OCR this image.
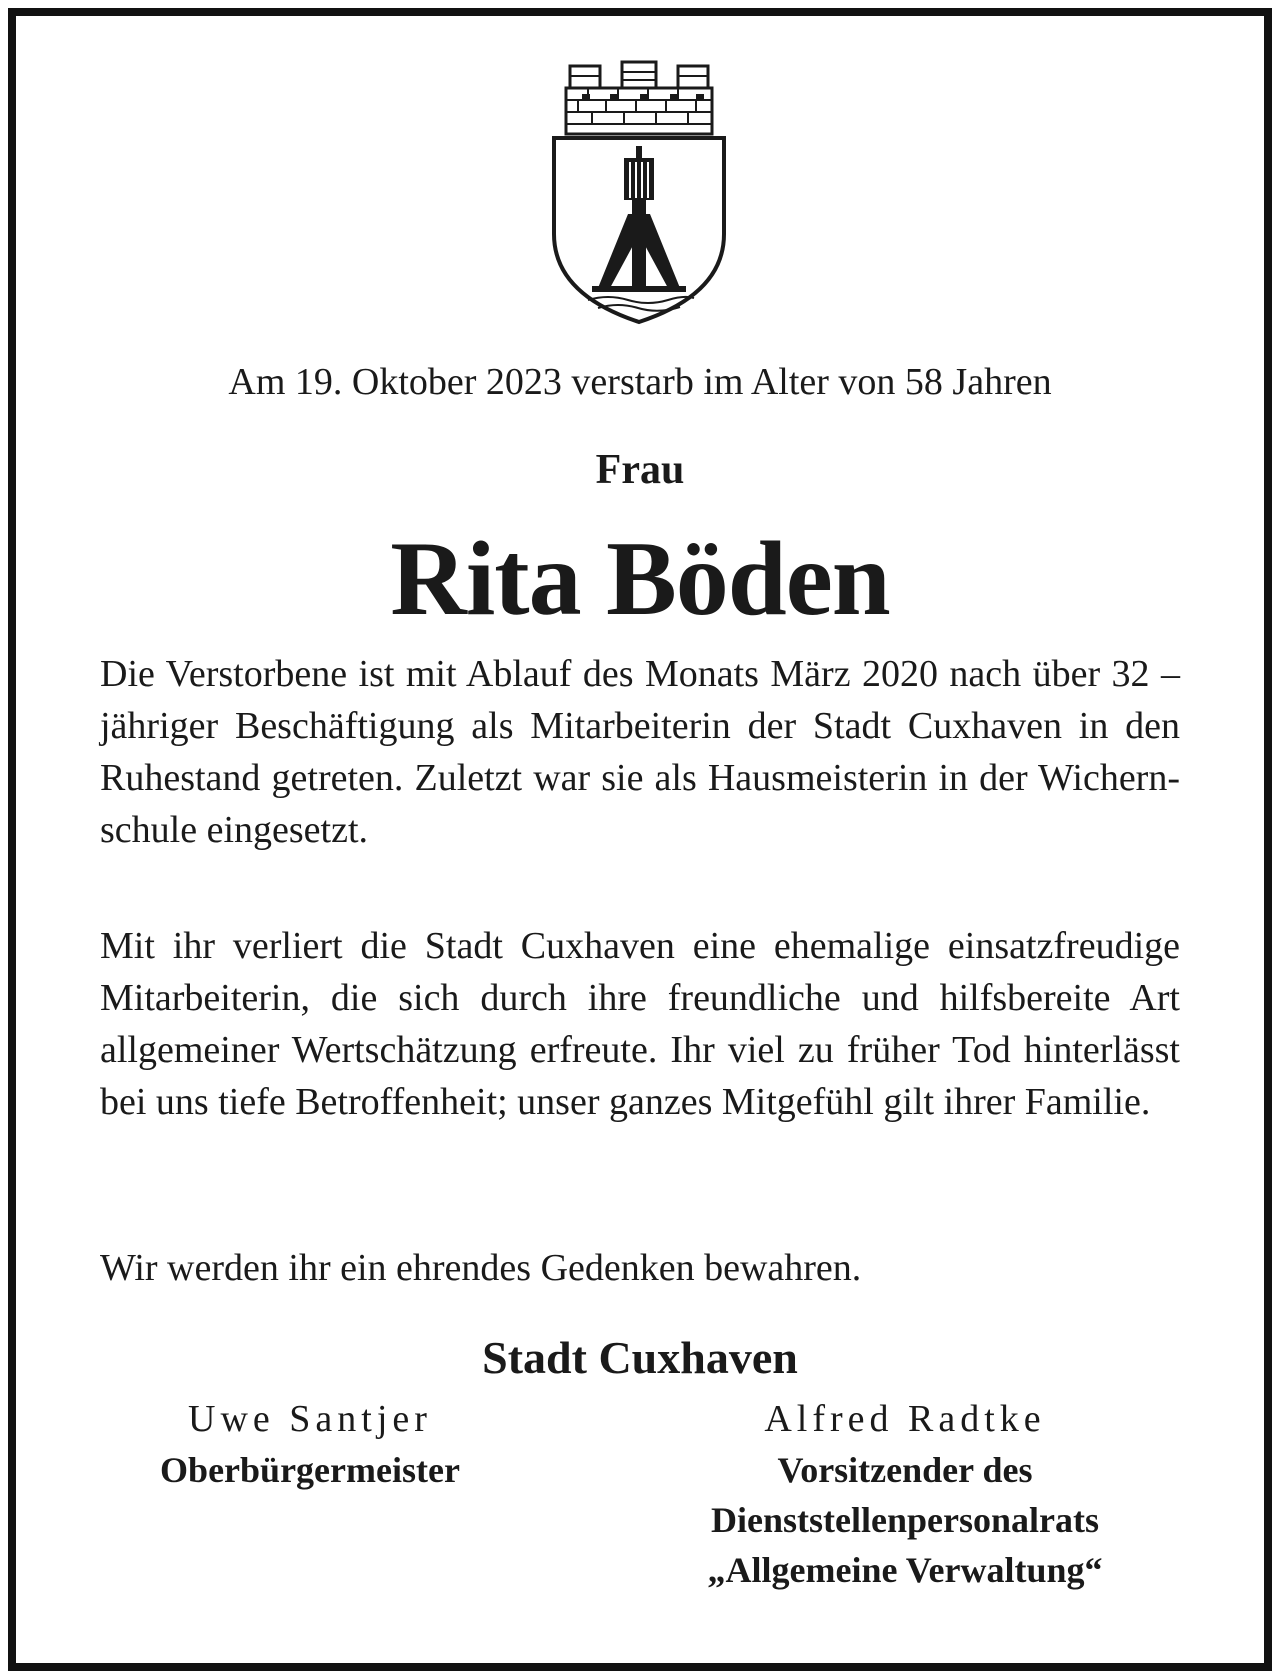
Am 19. Oktober 2023 verstarb im Alter von 58 Jahren

Frau

Rita Böden

Die Verstorbene ist mit Ablauf des Monats März 2020 nach über 32 – jähriger Beschäftigung als Mitarbeiterin der Stadt Cuxhaven in den Ruhestand getreten. Zuletzt war sie als Hausmeisterin in der Wichernschule eingesetzt.

Mit ihr verliert die Stadt Cuxhaven eine ehemalige einsatzfreudige Mitarbeiterin, die sich durch ihre freundliche und hilfsbereite Art allgemeiner Wertschätzung erfreute. Ihr viel zu früher Tod hinterlässt bei uns tiefe Betroffenheit; unser ganzes Mitgefühl gilt ihrer Familie.

Wir werden ihr ein ehrendes Gedenken bewahren.

Stadt Cuxhaven

Uwe Santjer

Oberbürgermeister

Alfred Radtke

Vorsitzender des Dienststellenpersonalrats „Allgemeine Verwaltung“
